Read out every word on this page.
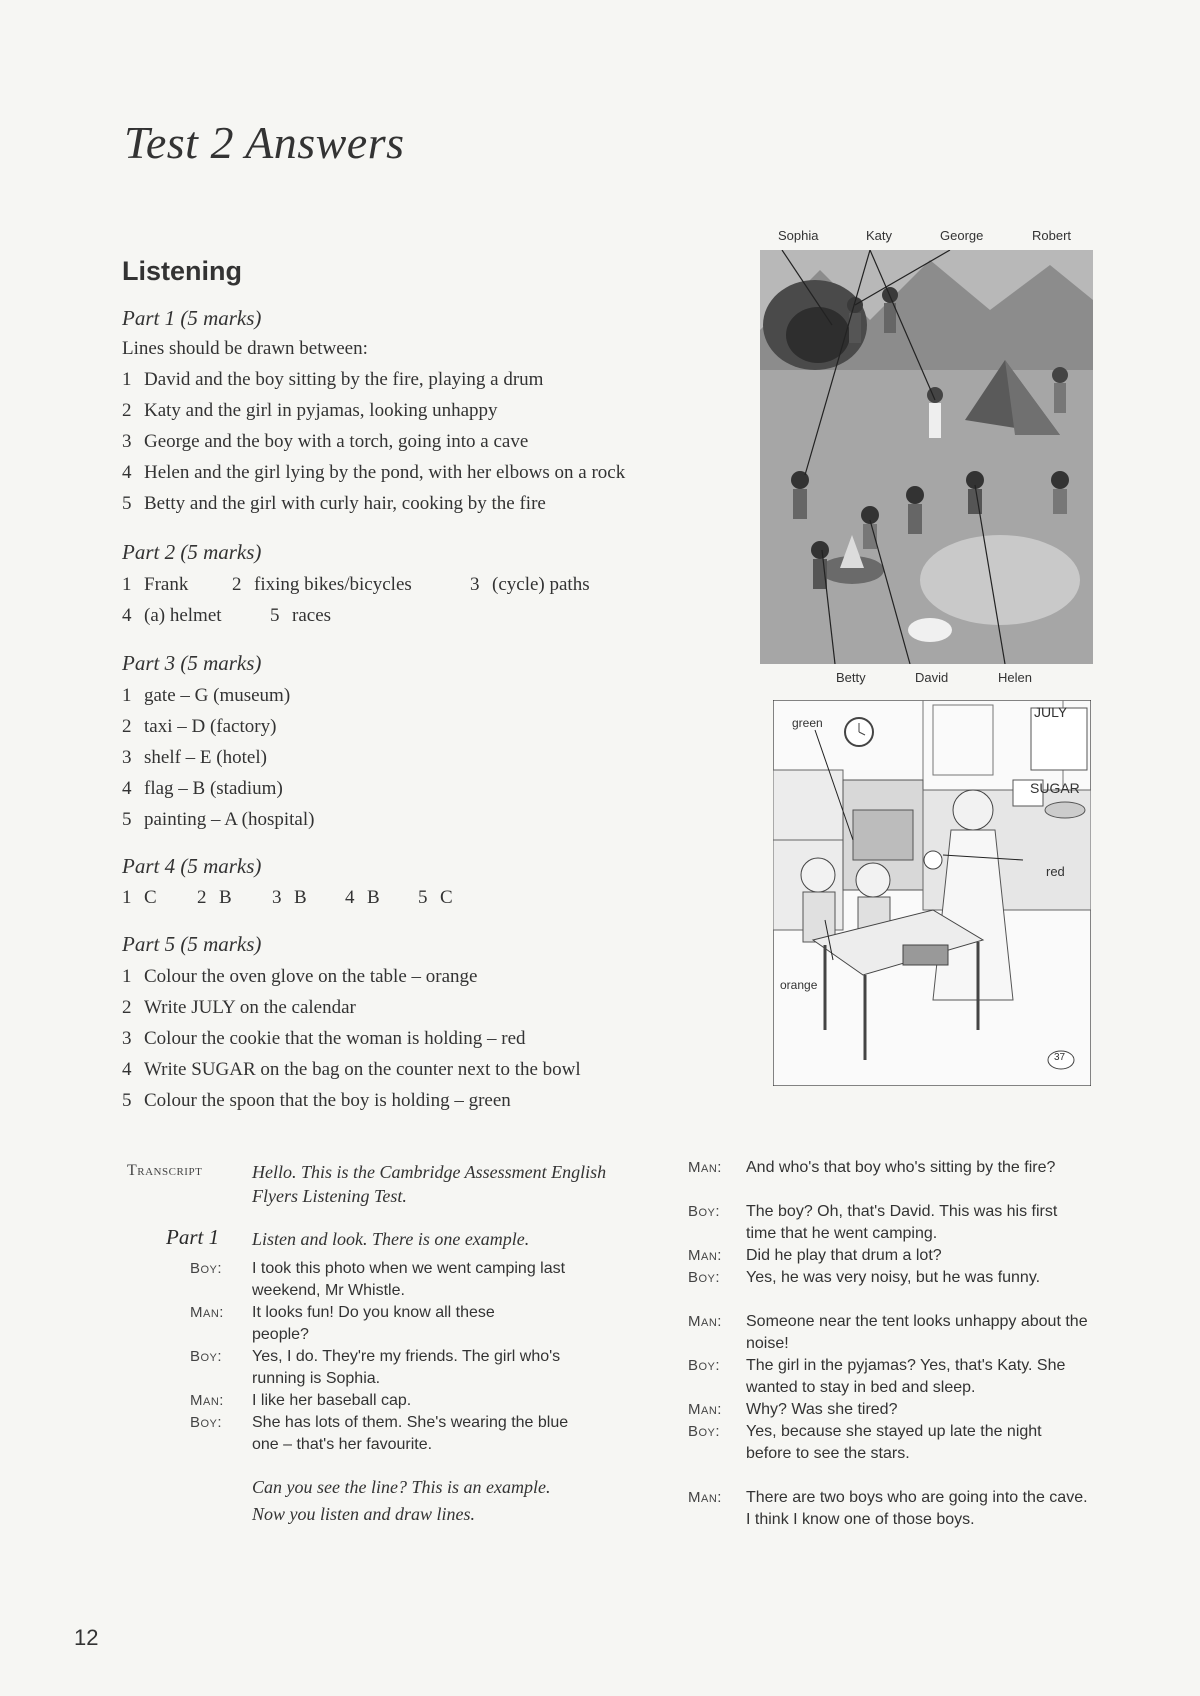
Test 2 Answers
Listening
Part 1 (5 marks)
Lines should be drawn between:
1 David and the boy sitting by the fire, playing a drum
2 Katy and the girl in pyjamas, looking unhappy
3 George and the boy with a torch, going into a cave
4 Helen and the girl lying by the pond, with her elbows on a rock
5 Betty and the girl with curly hair, cooking by the fire
Part 2 (5 marks)
1 Frank 2 fixing bikes/bicycles	3 (cycle) paths
4 (a) helmet	5 races
Part 3 (5 marks)
1 gate – G (museum)
2 taxi – D (factory)
3 shelf – E (hotel)
4 flag – B (stadium)
5 painting – A (hospital)
Part 4 (5 marks)
1 C 2 B 3 B 4 B 5 C
Part 5 (5 marks)
1 Colour the oven glove on the table – orange
2 Write JULY on the calendar
3 Colour the cookie that the woman is holding – red
4 Write SUGAR on the bag on the counter next to the bowl
5 Colour the spoon that the boy is holding – green
Sophia	Katy	George	Robert
Betty	David	Helen
green
JULY
SUGAR
red
orange
37
Transcript	Hello. This is the Cambridge Assessment English Flyers Listening Test.
Part 1 Listen and look. There is one example.
Boy: I took this photo when we went camping last weekend, Mr Whistle.
Man: It looks fun! Do you know all these people?
Boy: Yes, I do. They're my friends. The girl who's running is Sophia.
Man: I like her baseball cap.
Boy: She has lots of them. She's wearing the blue one – that's her favourite.
Can you see the line? This is an example. Now you listen and draw lines.
Man: And who's that boy who's sitting by the fire?
Boy: The boy? Oh, that's David. This was his first time that he went camping.
Man: Did he play that drum a lot?
Boy: Yes, he was very noisy, but he was funny.
Man: Someone near the tent looks unhappy about the noise!
Boy: The girl in the pyjamas? Yes, that's Katy. She wanted to stay in bed and sleep.
Man: Why? Was she tired?
Boy: Yes, because she stayed up late the night before to see the stars.
Man: There are two boys who are going into the cave. I think I know one of those boys.
12
